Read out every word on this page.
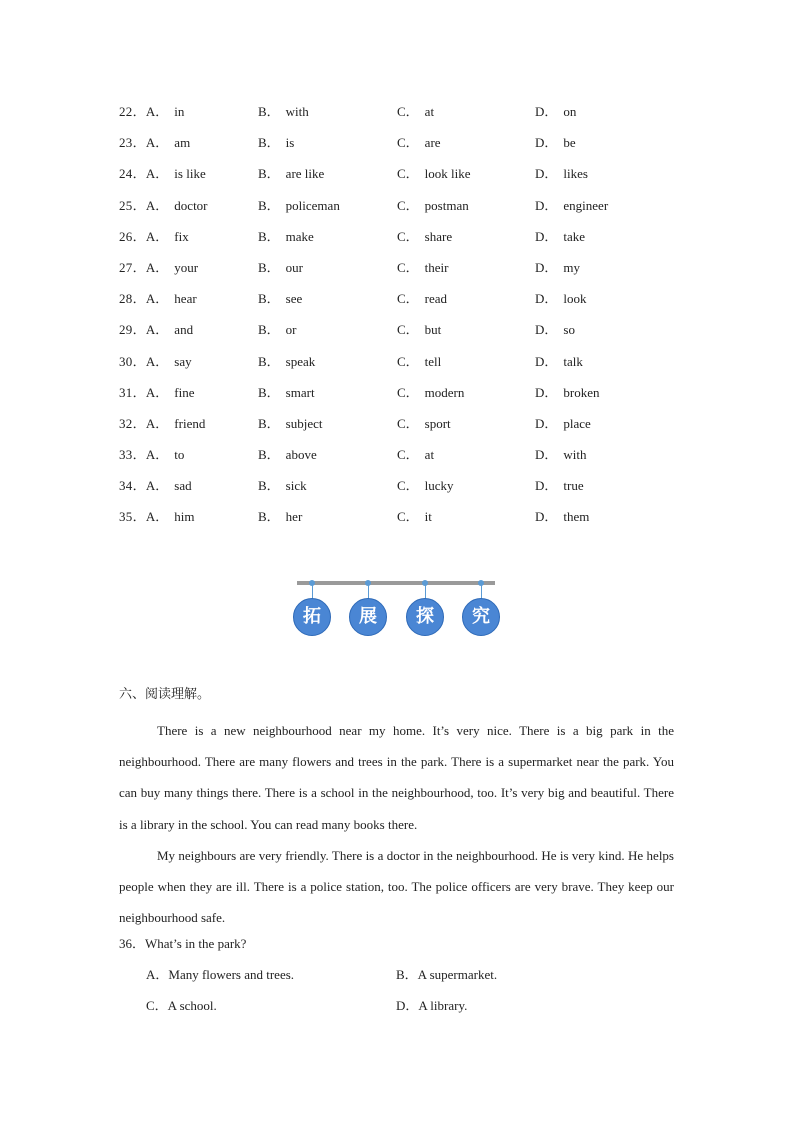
22．A． in	B． with	C． at	D． on
23．A． am	B． is	C． are	D． be
24．A． is like	B． are like	C． look like	D． likes
25．A． doctor	B． policeman	C． postman	D． engineer
26．A． fix	B． make	C． share	D． take
27．A． your	B． our	C． their	D． my
28．A． hear	B． see	C． read	D． look
29．A． and	B． or	C． but	D． so
30．A． say	B． speak	C． tell	D． talk
31．A． fine	B． smart	C． modern	D． broken
32．A． friend	B． subject	C． sport	D． place
33．A． to	B． above	C． at	D． with
34．A． sad	B． sick	C． lucky	D． true
35．A． him	B． her	C． it	D． them
拓	展	探	究
六、阅读理解。

There is a new neighbourhood near my home. It’s very nice. There is a big park in the neighbourhood. There are many flowers and trees in the park. There is a supermarket near the park. You can buy many things there. There is a school in the neighbourhood, too. It’s very big and beautiful. There is a library in the school. You can read many books there.

My neighbours are very friendly. There is a doctor in the neighbourhood. He is very kind. He helps people when they are ill. There is a police station, too. The police officers are very brave. They keep our neighbourhood safe.

36．What’s in the park?
A．Many flowers and trees.	B．A supermarket.
C．A school.	D．A library.
